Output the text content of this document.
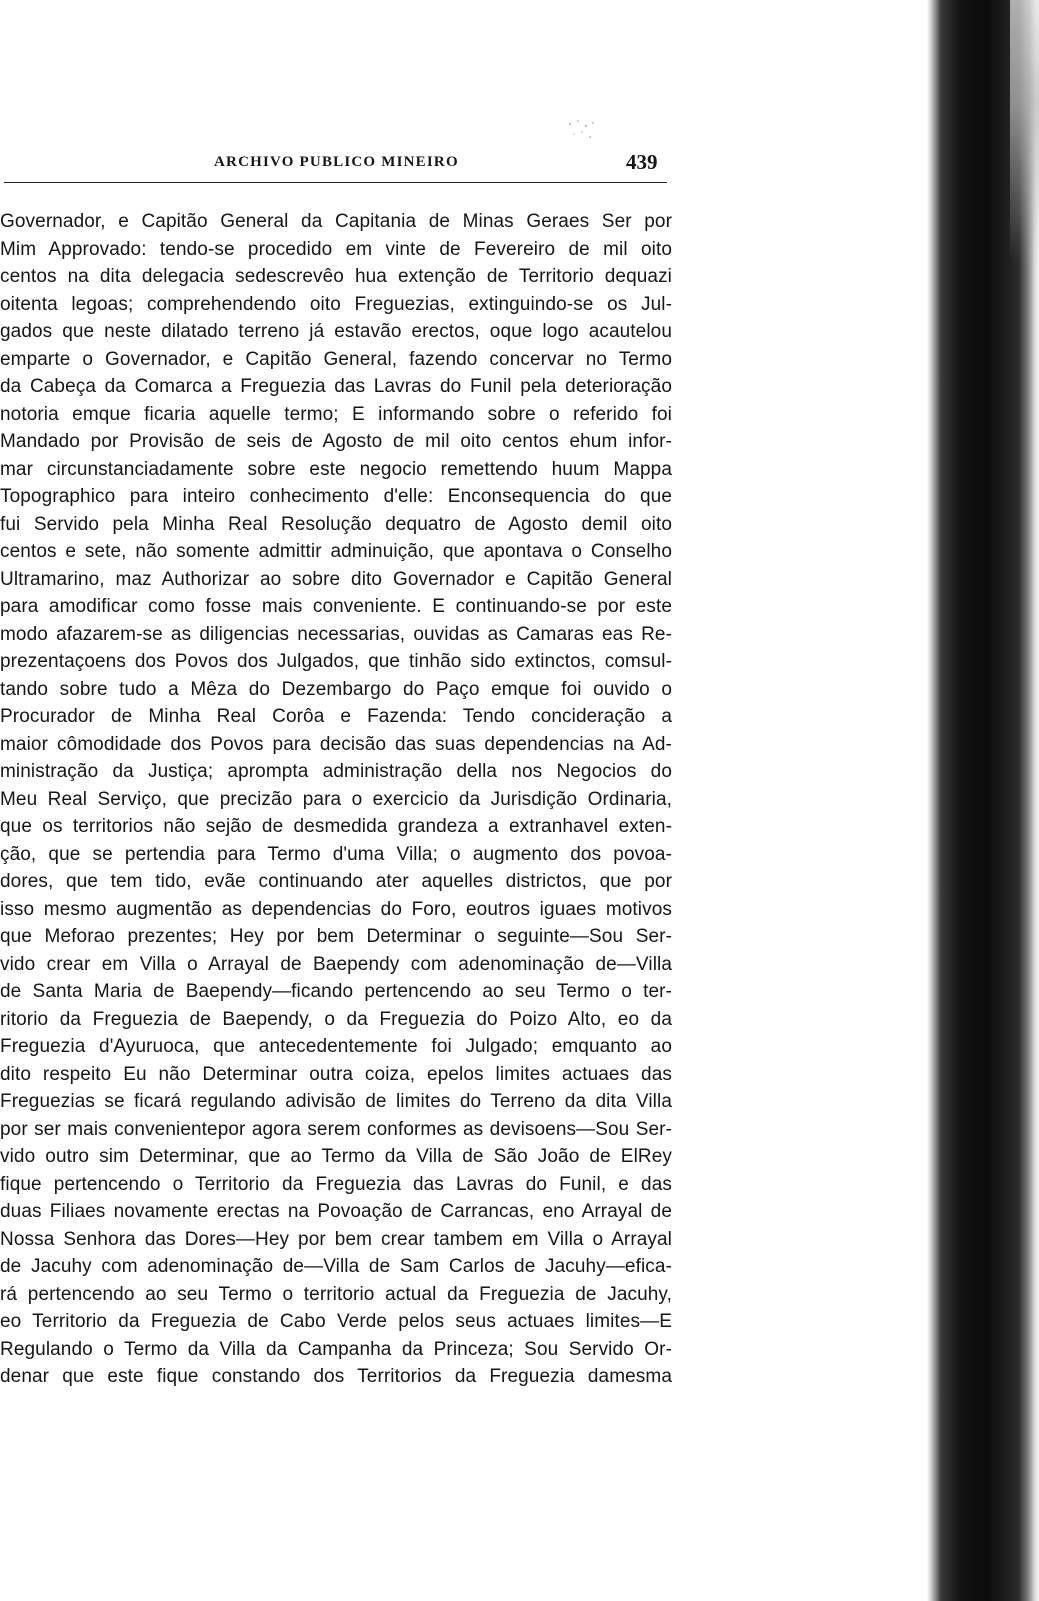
ARCHIVO PUBLICO MINEIRO	439
Governador, e Capitão General da Capitania de Minas Geraes Ser por
Mim Approvado: tendo-se procedido em vinte de Fevereiro de mil oito
centos na dita delegacia sedescrevêo hua extenção de Territorio dequazi
oitenta legoas; comprehendendo oito Freguezias, extinguindo-se os Jul-
gados que neste dilatado terreno já estavão erectos, oque logo acautelou
emparte o Governador, e Capitão General, fazendo concervar no Termo
da Cabeça da Comarca a Freguezia das Lavras do Funil pela deterioração
notoria emque ficaria aquelle termo; E informando sobre o referido foi
Mandado por Provisão de seis de Agosto de mil oito centos ehum infor-
mar circunstanciadamente sobre este negocio remettendo huum Mappa
Topographico para inteiro conhecimento d'elle: Enconsequencia do que
fui Servido pela Minha Real Resolução dequatro de Agosto demil oito
centos e sete, não somente admittir adminuição, que apontava o Conselho
Ultramarino, maz Authorizar ao sobre dito Governador e Capitão General
para amodificar como fosse mais conveniente. E continuando-se por este
modo afazarem-se as diligencias necessarias, ouvidas as Camaras eas Re-
prezentaçoens dos Povos dos Julgados, que tinhão sido extinctos, comsul-
tando sobre tudo a Mêza do Dezembargo do Paço emque foi ouvido o
Procurador de Minha Real Corôa e Fazenda: Tendo concideração a
maior cômodidade dos Povos para decisão das suas dependencias na Ad-
ministração da Justiça; aprompta administração della nos Negocios do
Meu Real Serviço, que precizão para o exercicio da Jurisdição Ordinaria,
que os territorios não sejão de desmedida grandeza a extranhavel exten-
ção, que se pertendia para Termo d'uma Villa; o augmento dos povoa-
dores, que tem tido, evãe continuando ater aquelles districtos, que por
isso mesmo augmentão as dependencias do Foro, eoutros iguaes motivos
que Meforao prezentes; Hey por bem Determinar o seguinte—Sou Ser-
vido crear em Villa o Arrayal de Baependy com adenominação de—Villa
de Santa Maria de Baependy—ficando pertencendo ao seu Termo o ter-
ritorio da Freguezia de Baependy, o da Freguezia do Poizo Alto, eo da
Freguezia d'Ayuruoca, que antecedentemente foi Julgado; emquanto ao
dito respeito Eu não Determinar outra coiza, epelos limites actuaes das
Freguezias se ficará regulando adivisão de limites do Terreno da dita Villa
por ser mais convenientepor agora serem conformes as devisoens—Sou Ser-
vido outro sim Determinar, que ao Termo da Villa de São João de ElRey
fique pertencendo o Territorio da Freguezia das Lavras do Funil, e das
duas Filiaes novamente erectas na Povoação de Carrancas, eno Arrayal de
Nossa Senhora das Dores—Hey por bem crear tambem em Villa o Arrayal
de Jacuhy com adenominação de—Villa de Sam Carlos de Jacuhy—efica-
rá pertencendo ao seu Termo o territorio actual da Freguezia de Jacuhy,
eo Territorio da Freguezia de Cabo Verde pelos seus actuaes limites—E
Regulando o Termo da Villa da Campanha da Princeza; Sou Servido Or-
denar que este fique constando dos Territorios da Freguezia damesma
